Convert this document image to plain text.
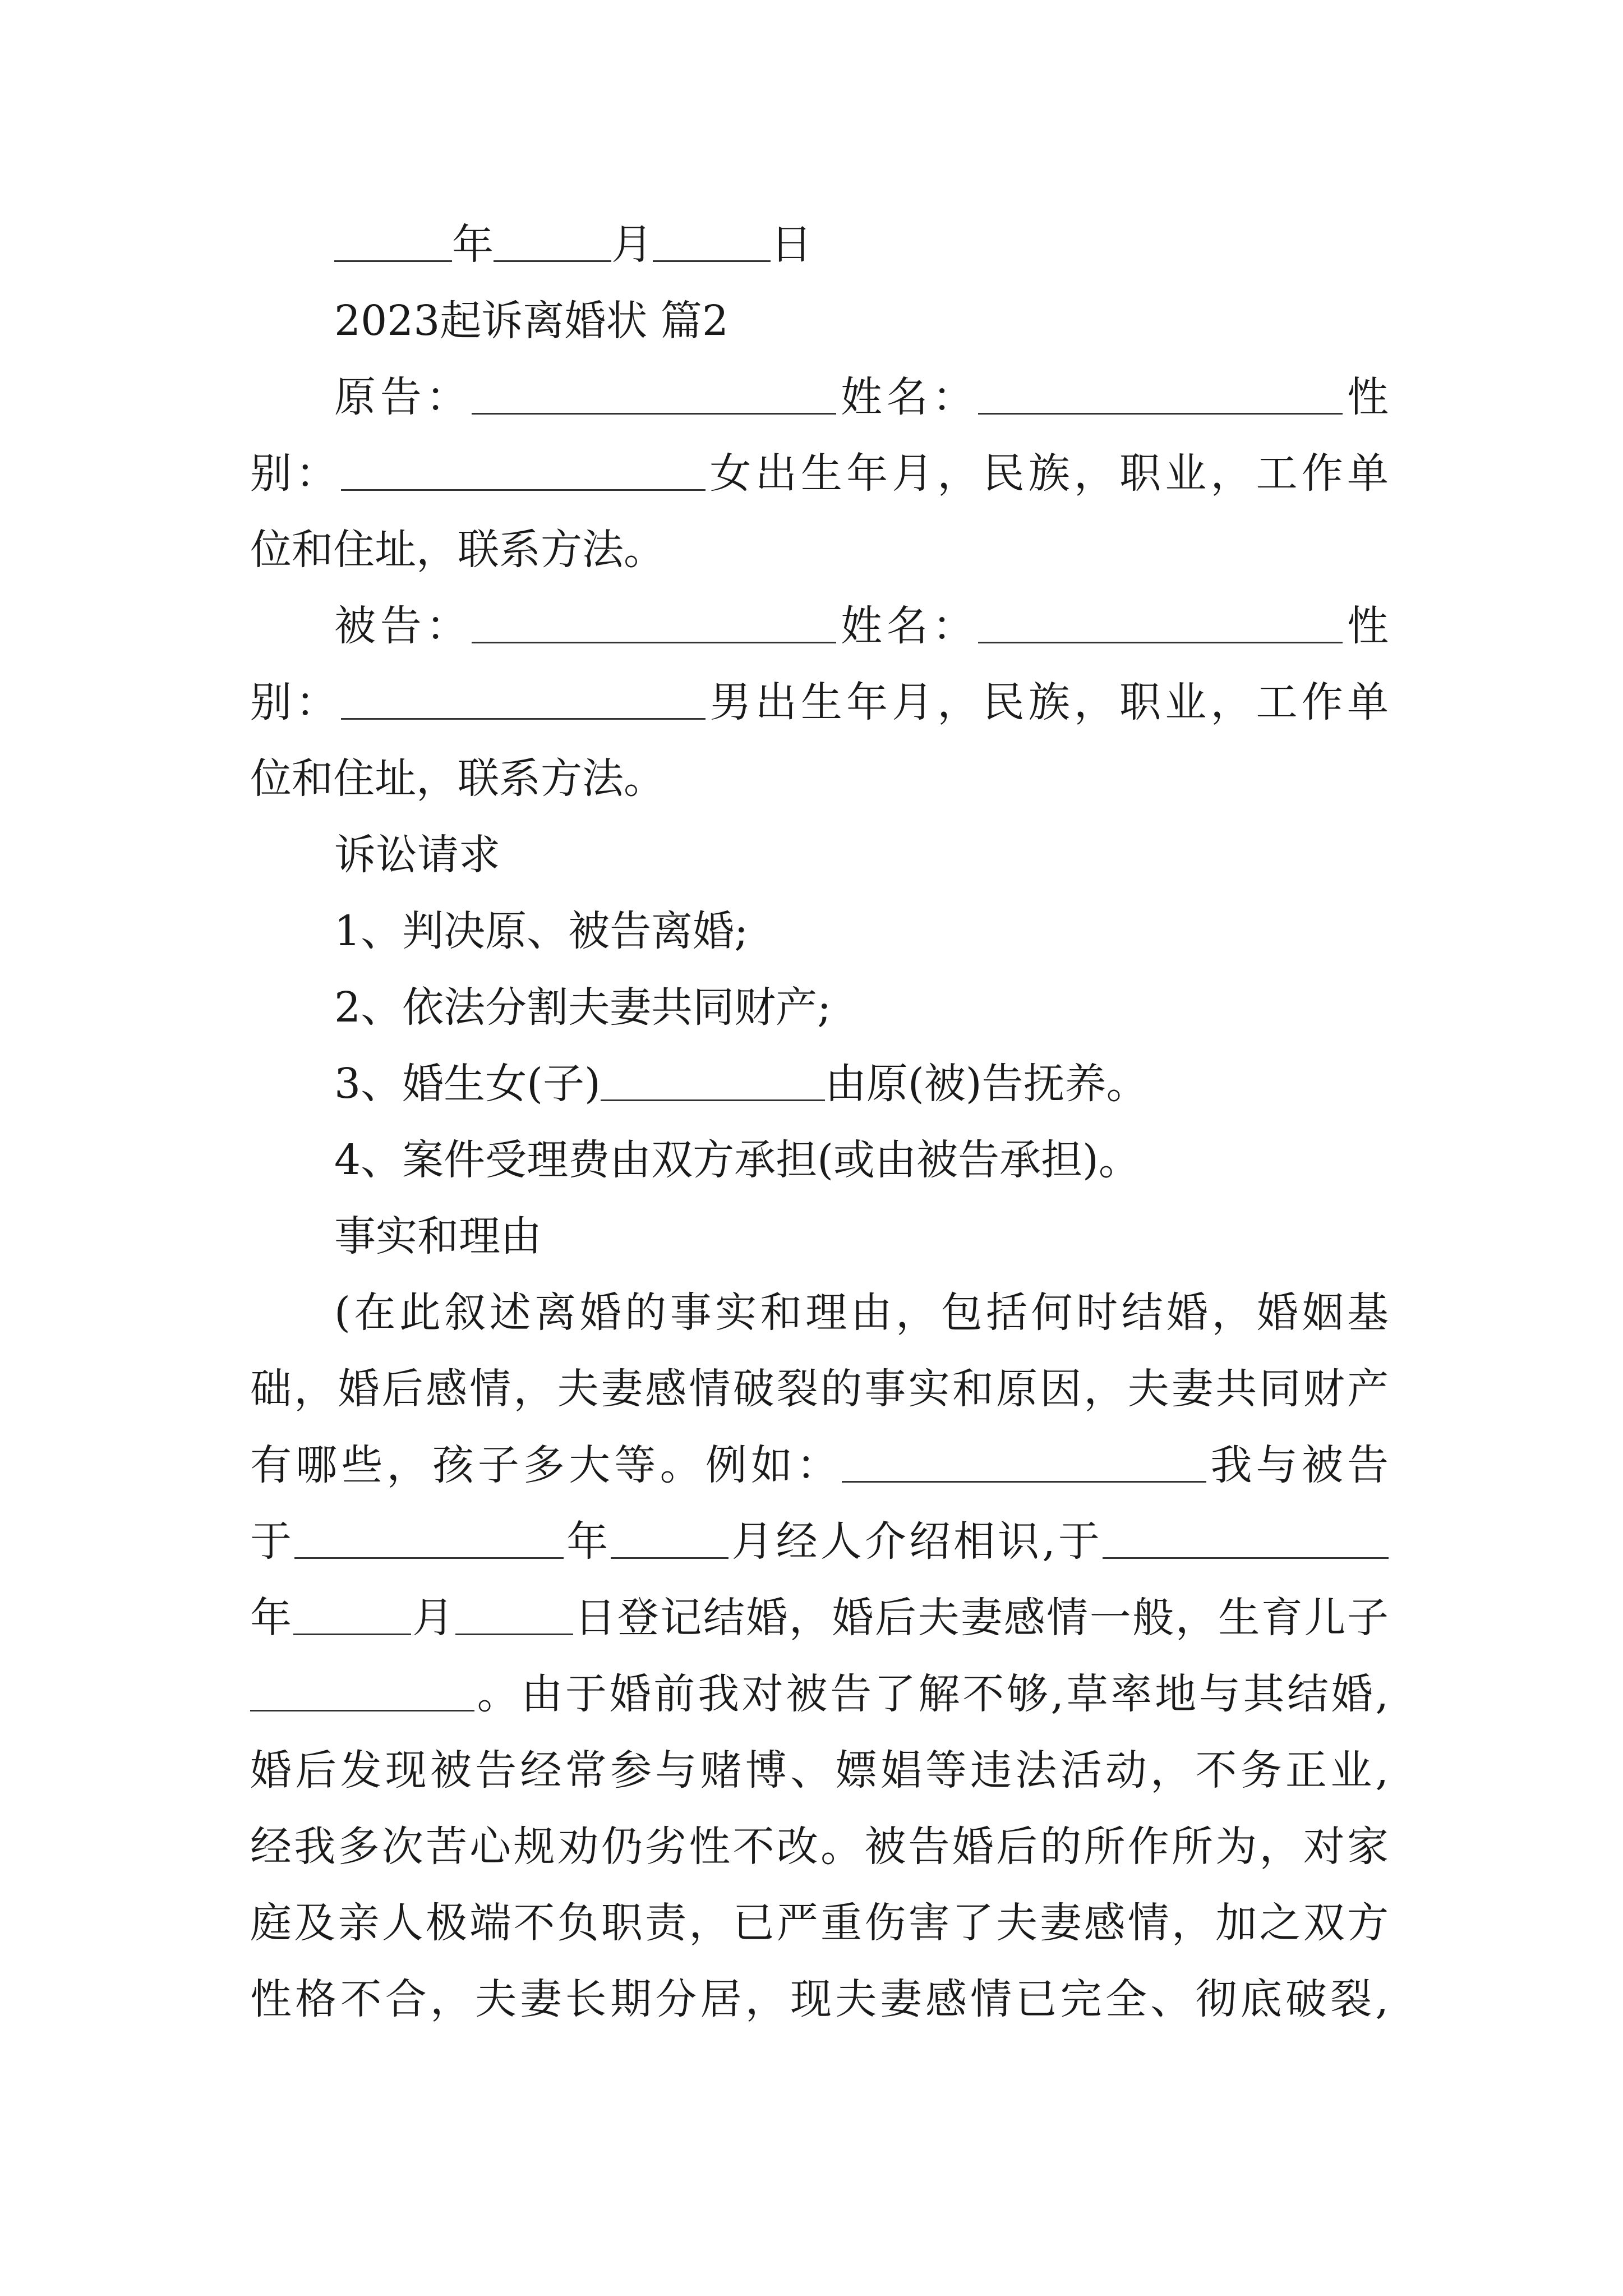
年	月	日
2023起诉离婚状 篇2
原告：	姓名：	性
别：	女出生年月，民族，职业，工作单
位和住址，联系方法。
被告：	姓名：	性
别：	男出生年月，民族，职业，工作单
位和住址，联系方法。
诉讼请求
1、判决原、被告离婚;
2、依法分割夫妻共同财产;
3、婚生女(子)	由原(被)告抚养。
4、案件受理费由双方承担(或由被告承担)。
事实和理由
(在此叙述离婚的事实和理由，包括何时结婚，婚姻基
础，婚后感情，夫妻感情破裂的事实和原因，夫妻共同财产
有哪些，孩子多大等。例如：	我与被告
于	年	月经人介绍相识,于
年	月	日登记结婚，婚后夫妻感情一般，生育儿子
。由于婚前我对被告了解不够,草率地与其结婚,
婚后发现被告经常参与赌博、嫖娼等违法活动，不务正业,
经我多次苦心规劝仍劣性不改。被告婚后的所作所为，对家
庭及亲人极端不负职责，已严重伤害了夫妻感情，加之双方
性格不合，夫妻长期分居，现夫妻感情已完全、彻底破裂,
